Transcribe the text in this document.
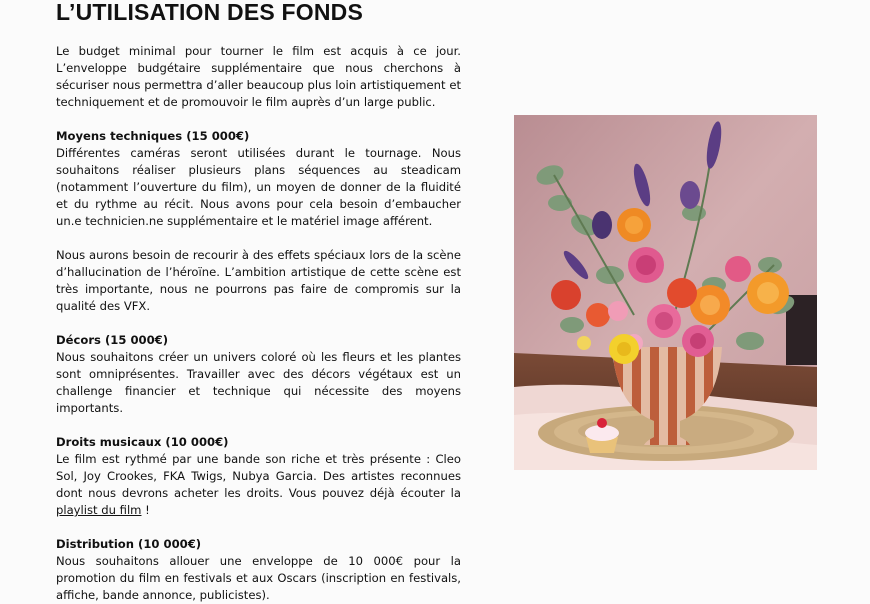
L’UTILISATION DES FONDS

Le budget minimal pour tourner le film est acquis à ce jour. L’enveloppe budgétaire supplémentaire que nous cherchons à sécuriser nous permettra d’aller beaucoup plus loin artistiquement et techniquement et de promouvoir le film auprès d’un large public.

Moyens techniques (15 000€)
Différentes caméras seront utilisées durant le tournage. Nous souhaitons réaliser plusieurs plans séquences au steadicam (notamment l’ouverture du film), un moyen de donner de la fluidité et du rythme au récit. Nous avons pour cela besoin d’embaucher un.e technicien.ne supplémentaire et le matériel image afférent.

Nous aurons besoin de recourir à des effets spéciaux lors de la scène d’hallucination de l’héroïne. L’ambition artistique de cette scène est très importante, nous ne pourrons pas faire de compromis sur la qualité des VFX.

Décors (15 000€)
Nous souhaitons créer un univers coloré où les fleurs et les plantes sont omniprésentes. Travailler avec des décors végétaux est un challenge financier et technique qui nécessite des moyens importants.

Droits musicaux (10 000€)
Le film est rythmé par une bande son riche et très présente : Cleo Sol, Joy Crookes, FKA Twigs, Nubya Garcia. Des artistes reconnues dont nous devrons acheter les droits. Vous pouvez déjà écouter la playlist du film !

Distribution (10 000€)
Nous souhaitons allouer une enveloppe de 10 000€ pour la promotion du film en festivals et aux Oscars (inscription en festivals, affiche, bande annonce, publicistes).
